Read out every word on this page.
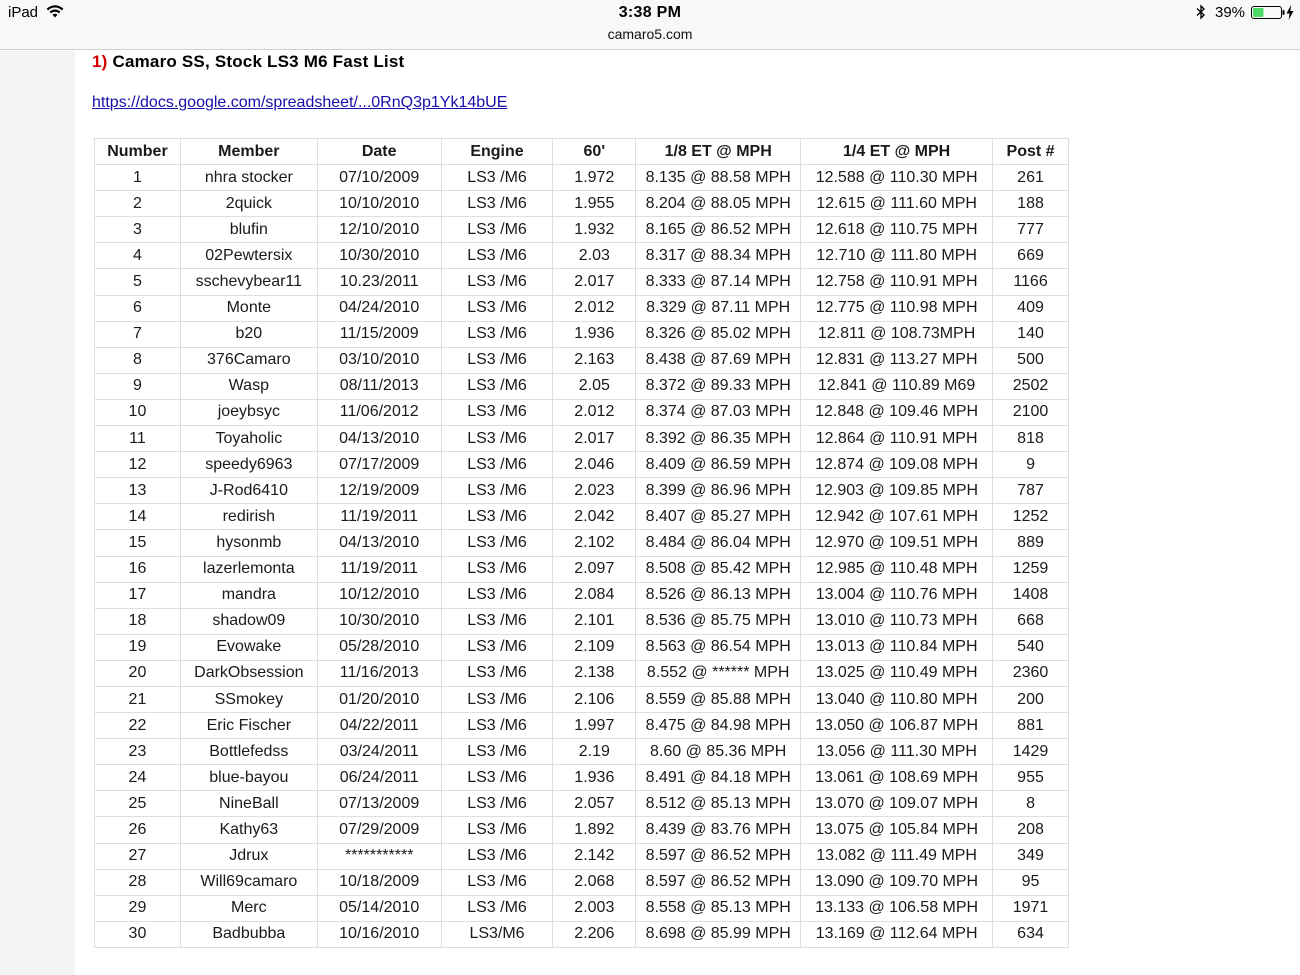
iPad	3:38 PM
camaro5.com
39%
1) Camaro SS, Stock LS3 M6 Fast List
https://docs.google.com/spreadsheet/...0RnQ3p1Yk14bUE
Number	Member	Date	Engine	60'	1/8 ET @ MPH	1/4 ET @ MPH	Post #
1	nhra stocker	07/10/2009	LS3 /M6	1.972	8.135 @ 88.58 MPH	12.588 @ 110.30 MPH	261
2	2quick	10/10/2010	LS3 /M6	1.955	8.204 @ 88.05 MPH	12.615 @ 111.60 MPH	188
3	blufin	12/10/2010	LS3 /M6	1.932	8.165 @ 86.52 MPH	12.618 @ 110.75 MPH	777
4	02Pewtersix	10/30/2010	LS3 /M6	2.03	8.317 @ 88.34 MPH	12.710 @ 111.80 MPH	669
5	sschevybear11	10.23/2011	LS3 /M6	2.017	8.333 @ 87.14 MPH	12.758 @ 110.91 MPH	1166
6	Monte	04/24/2010	LS3 /M6	2.012	8.329 @ 87.11 MPH	12.775 @ 110.98 MPH	409
7	b20	11/15/2009	LS3 /M6	1.936	8.326 @ 85.02 MPH	12.811 @ 108.73MPH	140
8	376Camaro	03/10/2010	LS3 /M6	2.163	8.438 @ 87.69 MPH	12.831 @ 113.27 MPH	500
9	Wasp	08/11/2013	LS3 /M6	2.05	8.372 @ 89.33 MPH	12.841 @ 110.89 M69	2502
10	joeybsyc	11/06/2012	LS3 /M6	2.012	8.374 @ 87.03 MPH	12.848 @ 109.46 MPH	2100
11	Toyaholic	04/13/2010	LS3 /M6	2.017	8.392 @ 86.35 MPH	12.864 @ 110.91 MPH	818
12	speedy6963	07/17/2009	LS3 /M6	2.046	8.409 @ 86.59 MPH	12.874 @ 109.08 MPH	9
13	J-Rod6410	12/19/2009	LS3 /M6	2.023	8.399 @ 86.96 MPH	12.903 @ 109.85 MPH	787
14	redirish	11/19/2011	LS3 /M6	2.042	8.407 @ 85.27 MPH	12.942 @ 107.61 MPH	1252
15	hysonmb	04/13/2010	LS3 /M6	2.102	8.484 @ 86.04 MPH	12.970 @ 109.51 MPH	889
16	lazerlemonta	11/19/2011	LS3 /M6	2.097	8.508 @ 85.42 MPH	12.985 @ 110.48 MPH	1259
17	mandra	10/12/2010	LS3 /M6	2.084	8.526 @ 86.13 MPH	13.004 @ 110.76 MPH	1408
18	shadow09	10/30/2010	LS3 /M6	2.101	8.536 @ 85.75 MPH	13.010 @ 110.73 MPH	668
19	Evowake	05/28/2010	LS3 /M6	2.109	8.563 @ 86.54 MPH	13.013 @ 110.84 MPH	540
20	DarkObsession	11/16/2013	LS3 /M6	2.138	8.552 @ ****** MPH	13.025 @ 110.49 MPH	2360
21	SSmokey	01/20/2010	LS3 /M6	2.106	8.559 @ 85.88 MPH	13.040 @ 110.80 MPH	200
22	Eric Fischer	04/22/2011	LS3 /M6	1.997	8.475 @ 84.98 MPH	13.050 @ 106.87 MPH	881
23	Bottlefedss	03/24/2011	LS3 /M6	2.19	8.60 @ 85.36 MPH	13.056 @ 111.30 MPH	1429
24	blue-bayou	06/24/2011	LS3 /M6	1.936	8.491 @ 84.18 MPH	13.061 @ 108.69 MPH	955
25	NineBall	07/13/2009	LS3 /M6	2.057	8.512 @ 85.13 MPH	13.070 @ 109.07 MPH	8
26	Kathy63	07/29/2009	LS3 /M6	1.892	8.439 @ 83.76 MPH	13.075 @ 105.84 MPH	208
27	Jdrux	***********	LS3 /M6	2.142	8.597 @ 86.52 MPH	13.082 @ 111.49 MPH	349
28	Will69camaro	10/18/2009	LS3 /M6	2.068	8.597 @ 86.52 MPH	13.090 @ 109.70 MPH	95
29	Merc	05/14/2010	LS3 /M6	2.003	8.558 @ 85.13 MPH	13.133 @ 106.58 MPH	1971
30	Badbubba	10/16/2010	LS3/M6	2.206	8.698 @ 85.99 MPH	13.169 @ 112.64 MPH	634
